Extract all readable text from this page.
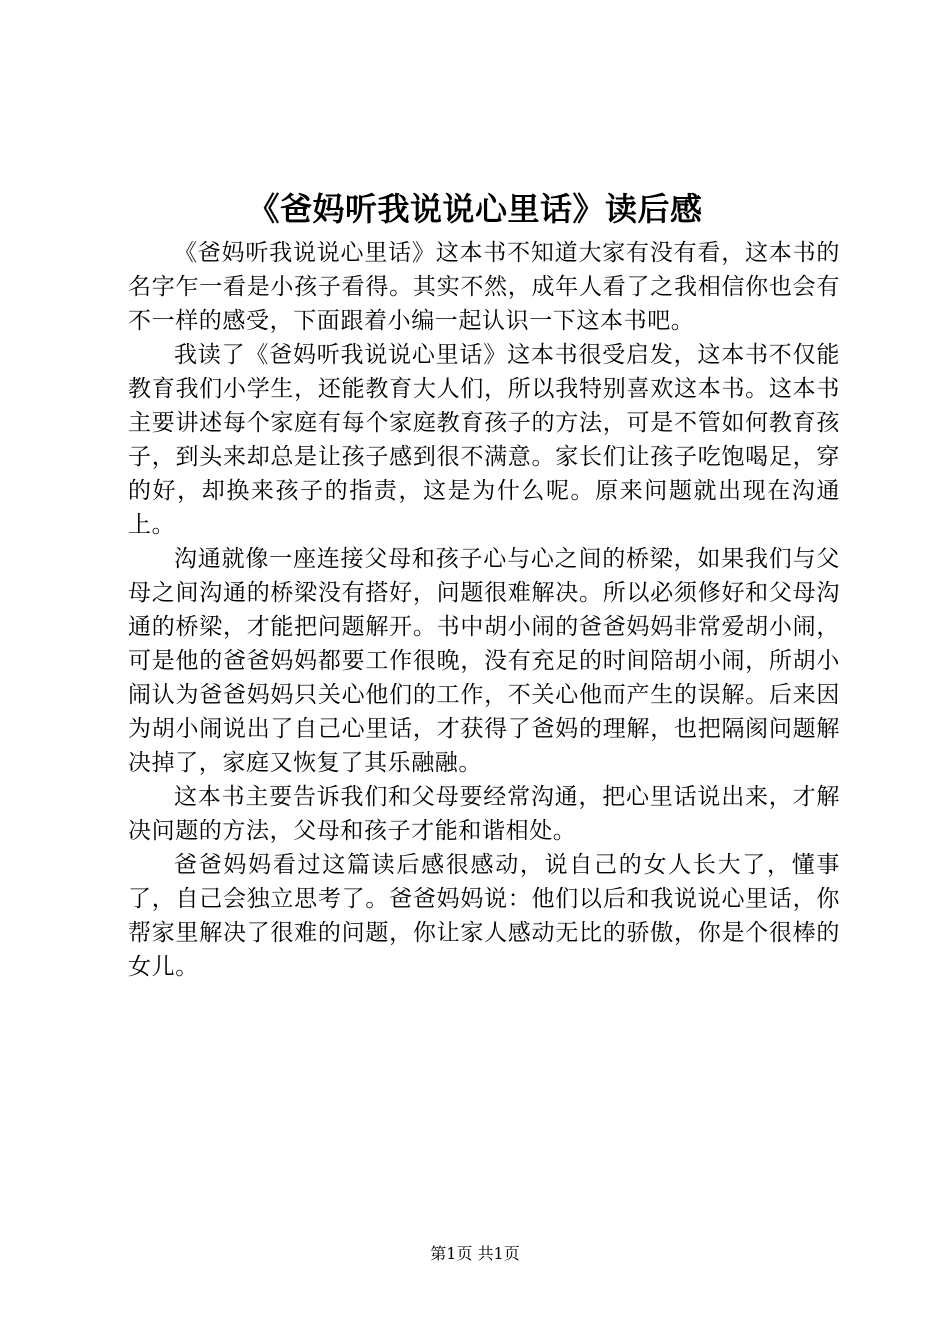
《爸妈听我说说心里话》读后感

《爸妈听我说说心里话》这本书不知道大家有没有看，这本书的名字乍一看是小孩子看得。其实不然，成年人看了之我相信你也会有不一样的感受，下面跟着小编一起认识一下这本书吧。

我读了《爸妈听我说说心里话》这本书很受启发，这本书不仅能教育我们小学生，还能教育大人们，所以我特别喜欢这本书。这本书主要讲述每个家庭有每个家庭教育孩子的方法，可是不管如何教育孩子，到头来却总是让孩子感到很不满意。家长们让孩子吃饱喝足，穿的好，却换来孩子的指责，这是为什么呢。原来问题就出现在沟通上。

沟通就像一座连接父母和孩子心与心之间的桥梁，如果我们与父母之间沟通的桥梁没有搭好，问题很难解决。所以必须修好和父母沟通的桥梁，才能把问题解开。书中胡小闹的爸爸妈妈非常爱胡小闹，可是他的爸爸妈妈都要工作很晚，没有充足的时间陪胡小闹，所胡小闹认为爸爸妈妈只关心他们的工作，不关心他而产生的误解。后来因为胡小闹说出了自己心里话，才获得了爸妈的理解，也把隔阂问题解决掉了，家庭又恢复了其乐融融。

这本书主要告诉我们和父母要经常沟通，把心里话说出来，才解决问题的方法，父母和孩子才能和谐相处。

爸爸妈妈看过这篇读后感很感动，说自己的女人长大了，懂事了，自己会独立思考了。爸爸妈妈说：他们以后和我说说心里话，你帮家里解决了很难的问题，你让家人感动无比的骄傲，你是个很棒的女儿。

第1页 共1页
